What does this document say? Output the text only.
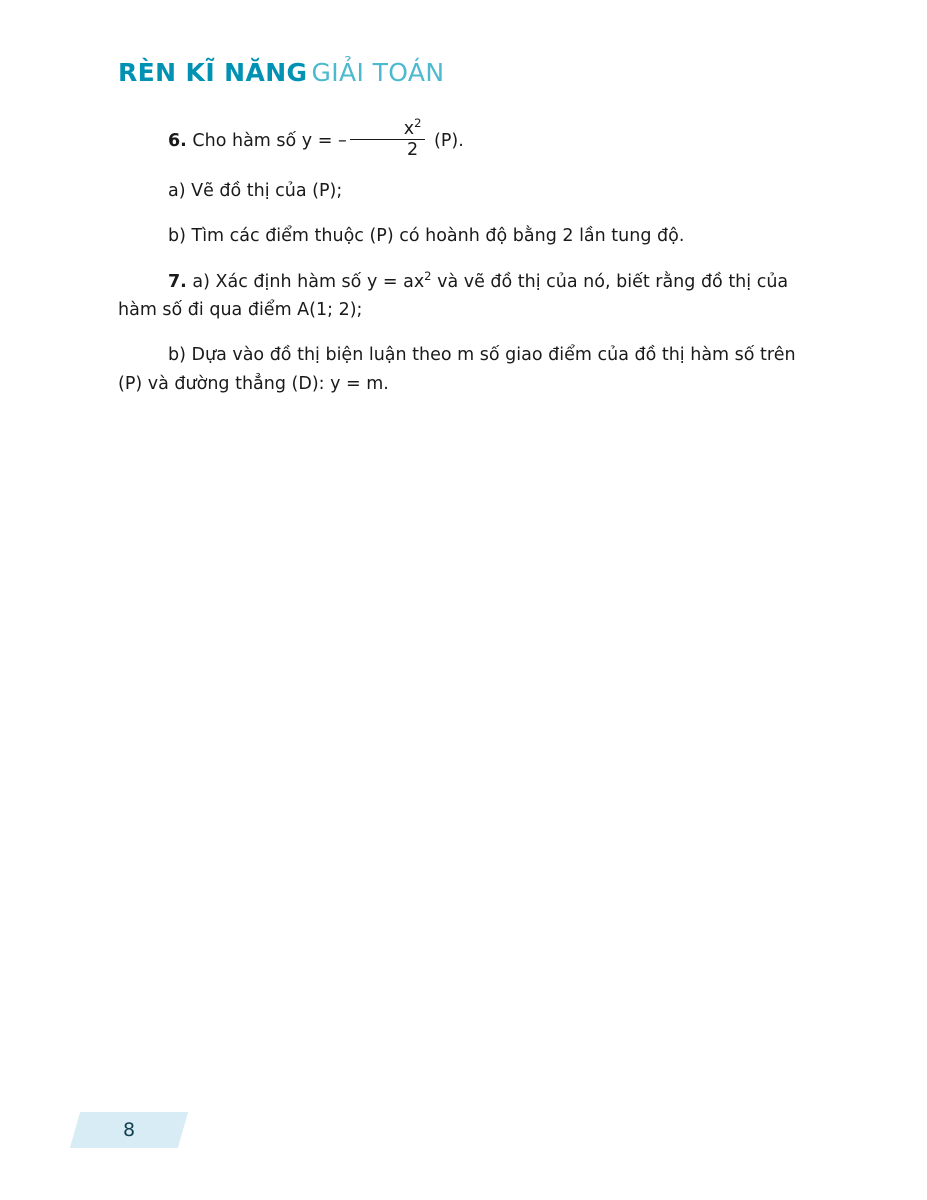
RÈN KĨ NĂNG GIẢI TOÁN

6. Cho hàm số y = – $\frac{x^2}{2} (P)$.

a) Vẽ đồ thị của (P);

b) Tìm các điểm thuộc (P) có hoành độ bằng 2 lần tung độ.

7. a) Xác định hàm số $y = ax^2$ và vẽ đồ thị của nó, biết rằng đồ thị của hàm số đi qua điểm A(1; 2);

b) Dựa vào đồ thị biện luận theo m số giao điểm của đồ thị hàm số trên (P) và đường thẳng (D): y = m.

8
